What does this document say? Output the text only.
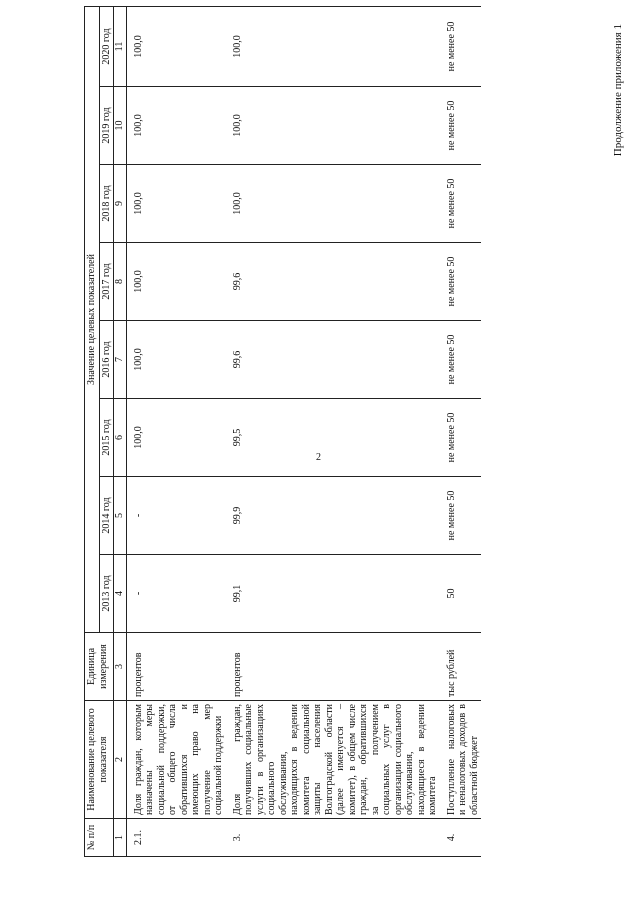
2
Продолжение приложения 1
№ п/п	Наименование целевого показателя	Единица измерения	Значение целевых показателей							
			2013 год	2014 год	2015 год	2016 год	2017 год	2018 год	2019 год	2020 год
1	2	3	4	5	6	7	8	9	10	11
2.1.	Доля граждан, которым назначены меры социальной поддержки, от общего числа обратившихся и имеющих право на получение мер социальной поддержки	процентов	-	-	100,0	100,0	100,0	100,0	100,0	100,0
3.	Доля граждан, получивших социальные услуги в организациях социального обслуживания, находящихся в ведении комитета социальной защиты населения Волгоградской области (далее именуется – комитет), в общем числе граждан, обратившихся за получением социальных услуг в организации социального обслуживания, находящиеся в ведении комитета	процентов	99,1	99,9	99,5	99,6	99,6	100,0	100,0	100,0
4.	Поступление налоговых и неналоговых доходов в областной бюджет	тыс рублей	50	не менее 50	не менее 50	не менее 50	не менее 50	не менее 50	не менее 50	не менее 50
